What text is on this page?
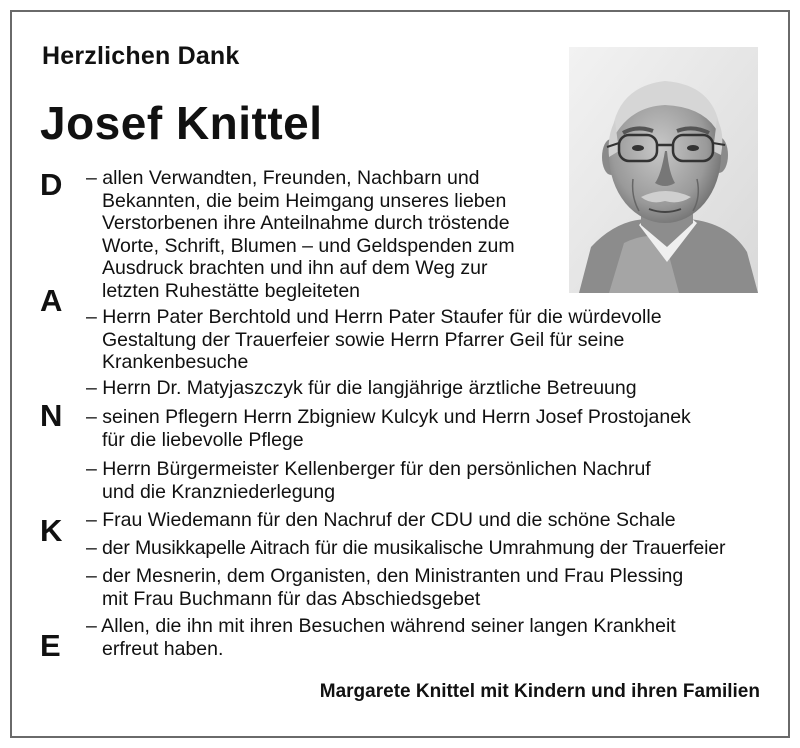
Herzlichen Dank
Josef Knittel
D
A
N
K
E
– allen Verwandten, Freunden, Nachbarn und
Bekannten, die beim Heimgang unseres lieben
Verstorbenen ihre Anteilnahme durch tröstende
Worte, Schrift, Blumen – und Geldspenden zum
Ausdruck brachten und ihn auf dem Weg zur
letzten Ruhestätte begleiteten
– Herrn Pater Berchtold und Herrn Pater Staufer für die würdevolle
Gestaltung der Trauerfeier sowie Herrn Pfarrer Geil für seine
Krankenbesuche
– Herrn Dr. Matyjaszczyk für die langjährige ärztliche Betreuung
– seinen Pflegern Herrn Zbigniew Kulcyk und Herrn Josef Prostojanek
für die liebevolle Pflege
– Herrn Bürgermeister Kellenberger für den persönlichen Nachruf
und die Kranzniederlegung
– Frau Wiedemann für den Nachruf der CDU und die schöne Schale
– der Musikkapelle Aitrach für die musikalische Umrahmung der Trauerfeier
– der Mesnerin, dem Organisten, den Ministranten und Frau Plessing
mit Frau Buchmann für das Abschiedsgebet
– Allen, die ihn mit ihren Besuchen während seiner langen Krankheit
erfreut haben.
Margarete Knittel mit Kindern und ihren Familien
